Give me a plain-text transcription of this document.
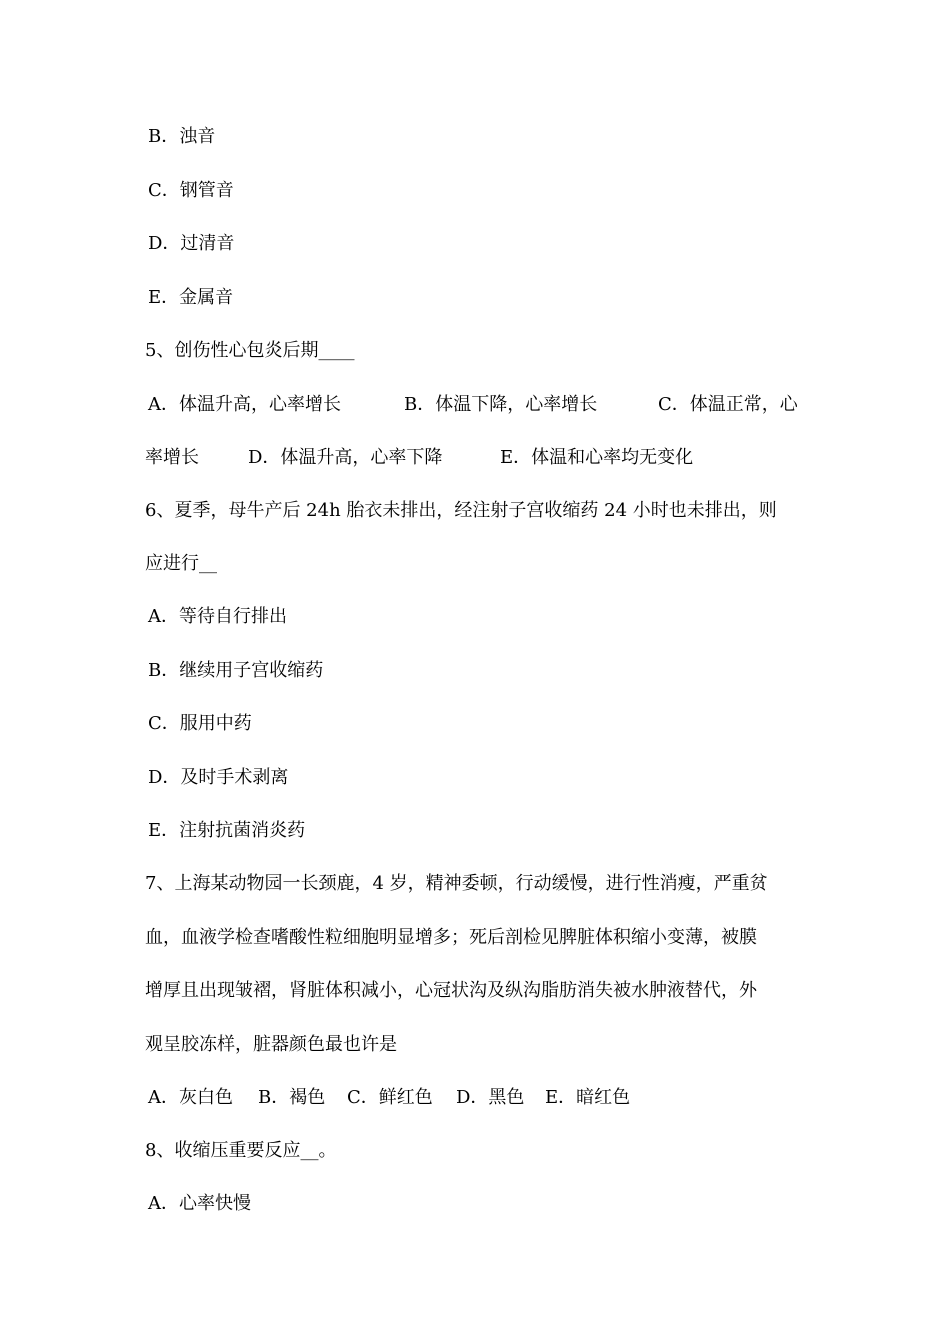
B．浊音
C．钢管音
D．过清音
E．金属音
5、创伤性心包炎后期____
A．体温升高，心率增长	B．体温下降，心率增长	C．体温正常，心
率增长	D．体温升高，心率下降	E．体温和心率均无变化
6、夏季，母牛产后 24h 胎衣未排出，经注射子宫收缩药 24 小时也未排出，则
应进行__
A．等待自行排出
B．继续用子宫收缩药
C．服用中药
D．及时手术剥离
E．注射抗菌消炎药
7、上海某动物园一长颈鹿，4 岁，精神委顿，行动缓慢，进行性消瘦，严重贫
血，血液学检查嗜酸性粒细胞明显增多；死后剖检见脾脏体积缩小变薄，被膜
增厚且出现皱褶，肾脏体积减小，心冠状沟及纵沟脂肪消失被水肿液替代，外
观呈胶冻样，脏器颜色最也许是
A．灰白色 B．褐色 C．鲜红色 D．黑色 E．暗红色
8、收缩压重要反应__。
A．心率快慢
